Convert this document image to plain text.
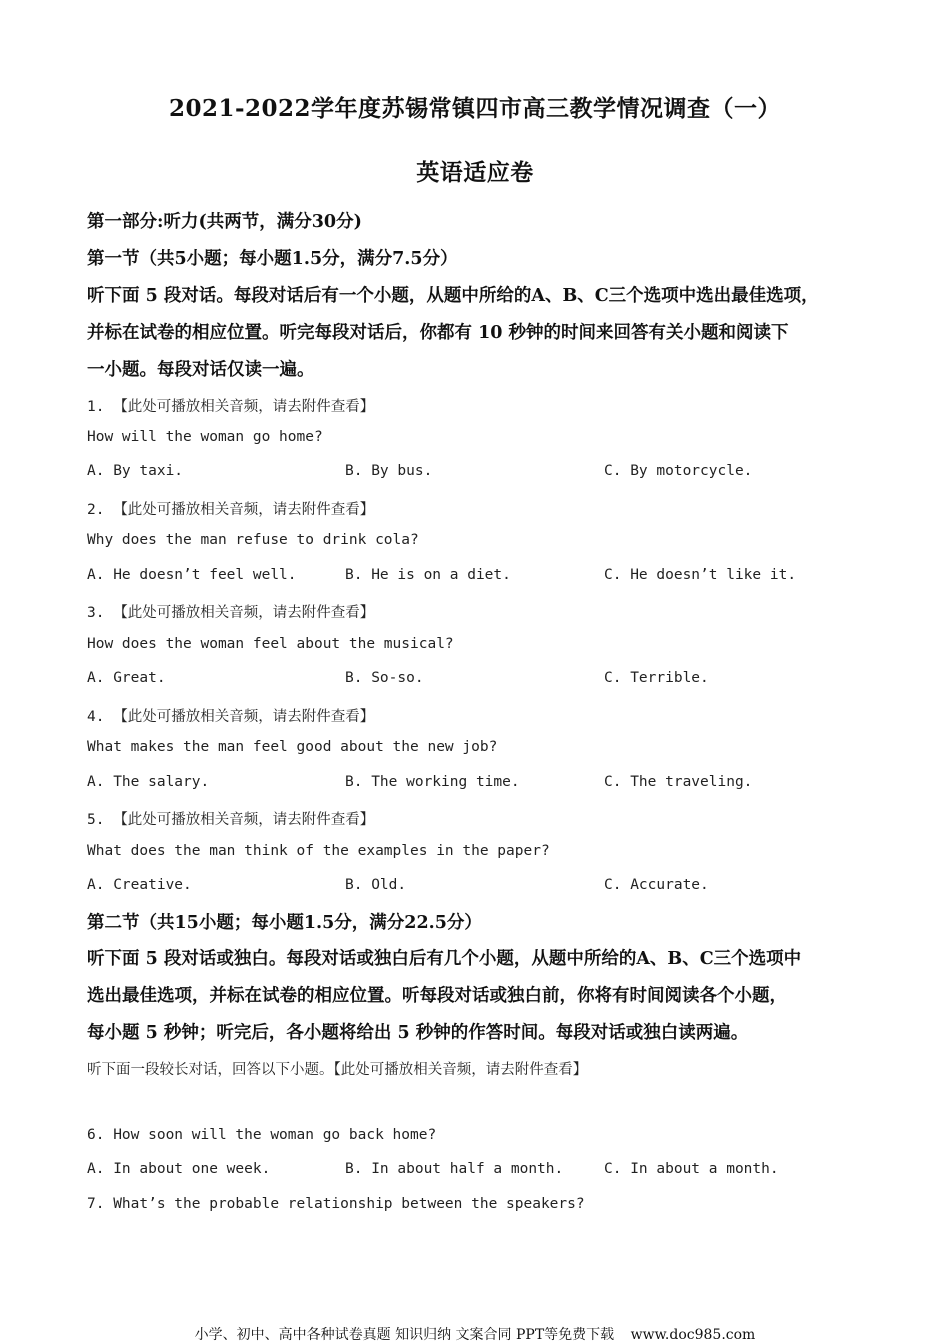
2021-2022学年度苏锡常镇四市高三教学情况调查（一）
英语适应卷
第一部分:听力(共两节，满分30分)
第一节（共5小题；每小题1.5分，满分7.5分）
听下面 5 段对话。每段对话后有一个小题，从题中所给的A、B、C三个选项中选出最佳选项，
并标在试卷的相应位置。听完每段对话后，你都有 10 秒钟的时间来回答有关小题和阅读下
一小题。每段对话仅读一遍。
1. 【此处可播放相关音频，请去附件查看】
How will the woman go home?
A. By taxi.	B. By bus.	C. By motorcycle.
2. 【此处可播放相关音频，请去附件查看】
Why does the man refuse to drink cola?
A. He doesn’t feel well.	B. He is on a diet.	C. He doesn’t like it.
3. 【此处可播放相关音频，请去附件查看】
How does the woman feel about the musical?
A. Great.	B. So-so.	C. Terrible.
4. 【此处可播放相关音频，请去附件查看】
What makes the man feel good about the new job?
A. The salary.	B. The working time.	C. The traveling.
5. 【此处可播放相关音频，请去附件查看】
What does the man think of the examples in the paper?
A. Creative.	B. Old.	C. Accurate.
第二节（共15小题；每小题1.5分，满分22.5分）
听下面 5 段对话或独白。每段对话或独白后有几个小题，从题中所给的A、B、C三个选项中
选出最佳选项，并标在试卷的相应位置。听每段对话或独白前，你将有时间阅读各个小题，
每小题 5 秒钟；听完后，各小题将给出 5 秒钟的作答时间。每段对话或独白读两遍。
听下面一段较长对话，回答以下小题。【此处可播放相关音频，请去附件查看】
6. How soon will the woman go back home?
A. In about one week.	B. In about half a month.	C. In about a month.
7. What’s the probable relationship between the speakers?
小学、初中、高中各种试卷真题 知识归纳 文案合同 PPT等免费下载 www.doc985.com
